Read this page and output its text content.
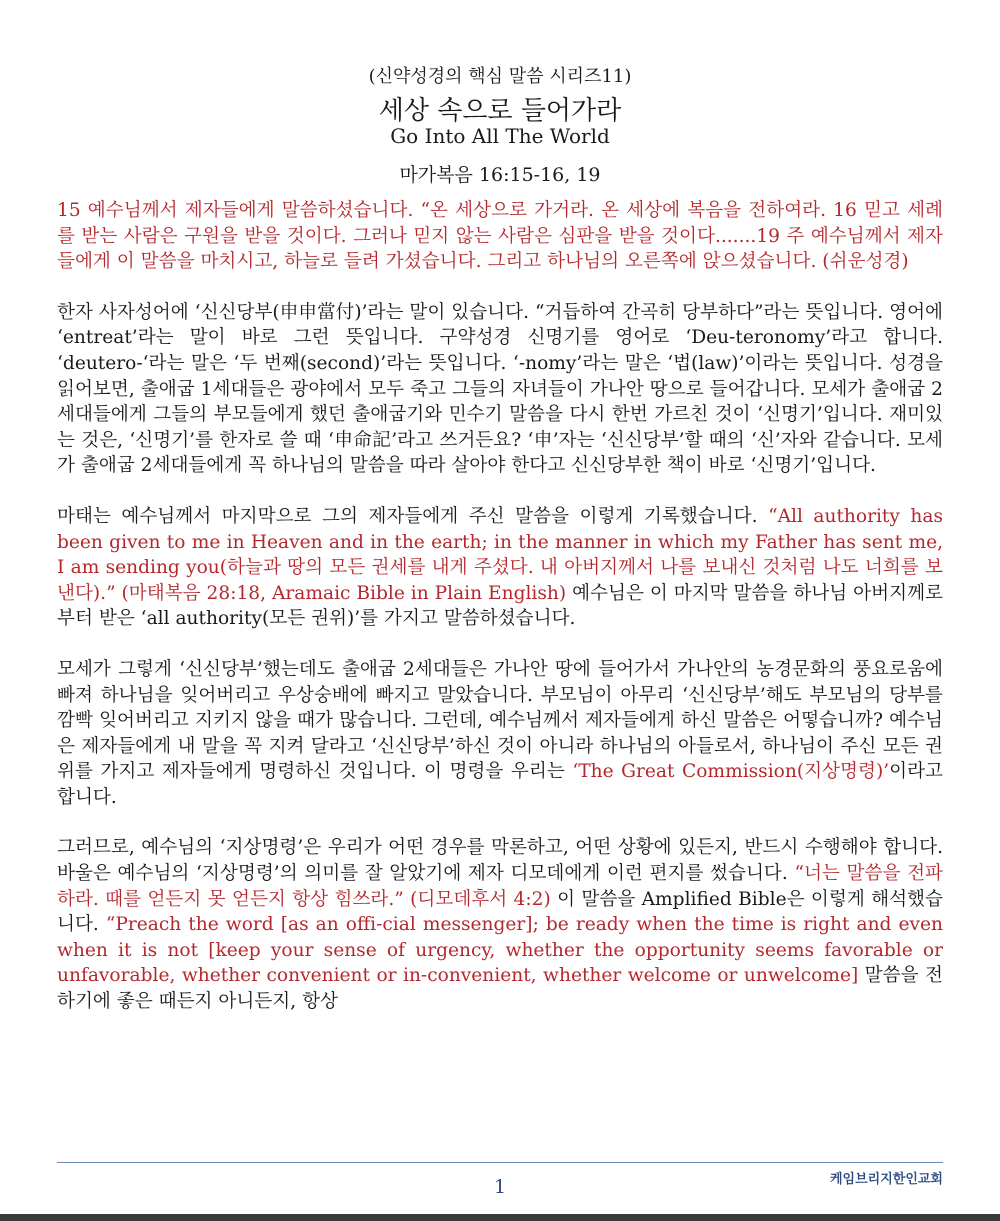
(신약성경의 핵심 말씀 시리즈11)
세상 속으로 들어가라
Go Into All The World
마가복음 16:15-16, 19

15 예수님께서 제자들에게 말씀하셨습니다. “온 세상으로 가거라. 온 세상에 복음을 전하여라. 16 믿고 세례를 받는 사람은 구원을 받을 것이다. 그러나 믿지 않는 사람은 심판을 받을 것이다.......19 주 예수님께서 제자들에게 이 말씀을 마치시고, 하늘로 들려 가셨습니다. 그리고 하나님의 오른쪽에 앉으셨습니다. (쉬운성경)

한자 사자성어에 ‘신신당부(申申當付)’라는 말이 있습니다. “거듭하여 간곡히 당부하다”라는 뜻입니다. 영어에 ‘entreat’라는 말이 바로 그런 뜻입니다. 구약성경 신명기를 영어로 ‘Deu-teronomy’라고 합니다. ‘deutero-‘라는 말은 ‘두 번째(second)’라는 뜻입니다. ‘-nomy’라는 말은 ‘법(law)’이라는 뜻입니다. 성경을 읽어보면, 출애굽 1세대들은 광야에서 모두 죽고 그들의 자녀들이 가나안 땅으로 들어갑니다. 모세가 출애굽 2세대들에게 그들의 부모들에게 했던 출애굽기와 민수기 말씀을 다시 한번 가르친 것이 ‘신명기’입니다. 재미있는 것은, ‘신명기’를 한자로 쓸 때 ‘申命記’라고 쓰거든요? ‘申’자는 ‘신신당부’할 때의 ‘신’자와 같습니다. 모세가 출애굽 2세대들에게 꼭 하나님의 말씀을 따라 살아야 한다고 신신당부한 책이 바로 ‘신명기’입니다.

마태는 예수님께서 마지막으로 그의 제자들에게 주신 말씀을 이렇게 기록했습니다. “All authority has been given to me in Heaven and in the earth; in the manner in which my Father has sent me, I am sending you(하늘과 땅의 모든 권세를 내게 주셨다. 내 아버지께서 나를 보내신 것처럼 나도 너희를 보낸다).” (마태복음 28:18, Aramaic Bible in Plain English) 예수님은 이 마지막 말씀을 하나님 아버지께로부터 받은 ‘all authority(모든 권위)’를 가지고 말씀하셨습니다.

모세가 그렇게 ‘신신당부’했는데도 출애굽 2세대들은 가나안 땅에 들어가서 가나안의 농경문화의 풍요로움에 빠져 하나님을 잊어버리고 우상숭배에 빠지고 말았습니다. 부모님이 아무리 ‘신신당부’해도 부모님의 당부를 깜빡 잊어버리고 지키지 않을 때가 많습니다. 그런데, 예수님께서 제자들에게 하신 말씀은 어떻습니까? 예수님은 제자들에게 내 말을 꼭 지켜 달라고 ‘신신당부’하신 것이 아니라 하나님의 아들로서, 하나님이 주신 모든 권위를 가지고 제자들에게 명령하신 것입니다. 이 명령을 우리는 ‘The Great Commission(지상명령)’이라고 합니다.

그러므로, 예수님의 ‘지상명령’은 우리가 어떤 경우를 막론하고, 어떤 상황에 있든지, 반드시 수행해야 합니다. 바울은 예수님의 ‘지상명령’의 의미를 잘 알았기에 제자 디모데에게 이런 편지를 썼습니다. “너는 말씀을 전파하라. 때를 얻든지 못 얻든지 항상 힘쓰라.” (디모데후서 4:2) 이 말씀을 Amplified Bible은 이렇게 해석했습니다. “Preach the word [as an offi-cial messenger]; be ready when the time is right and even when it is not [keep your sense of urgency, whether the opportunity seems favorable or unfavorable, whether convenient or in-convenient, whether welcome or unwelcome] 말씀을 전하기에 좋은 때든지 아니든지, 항상

케임브리지한인교회
1
